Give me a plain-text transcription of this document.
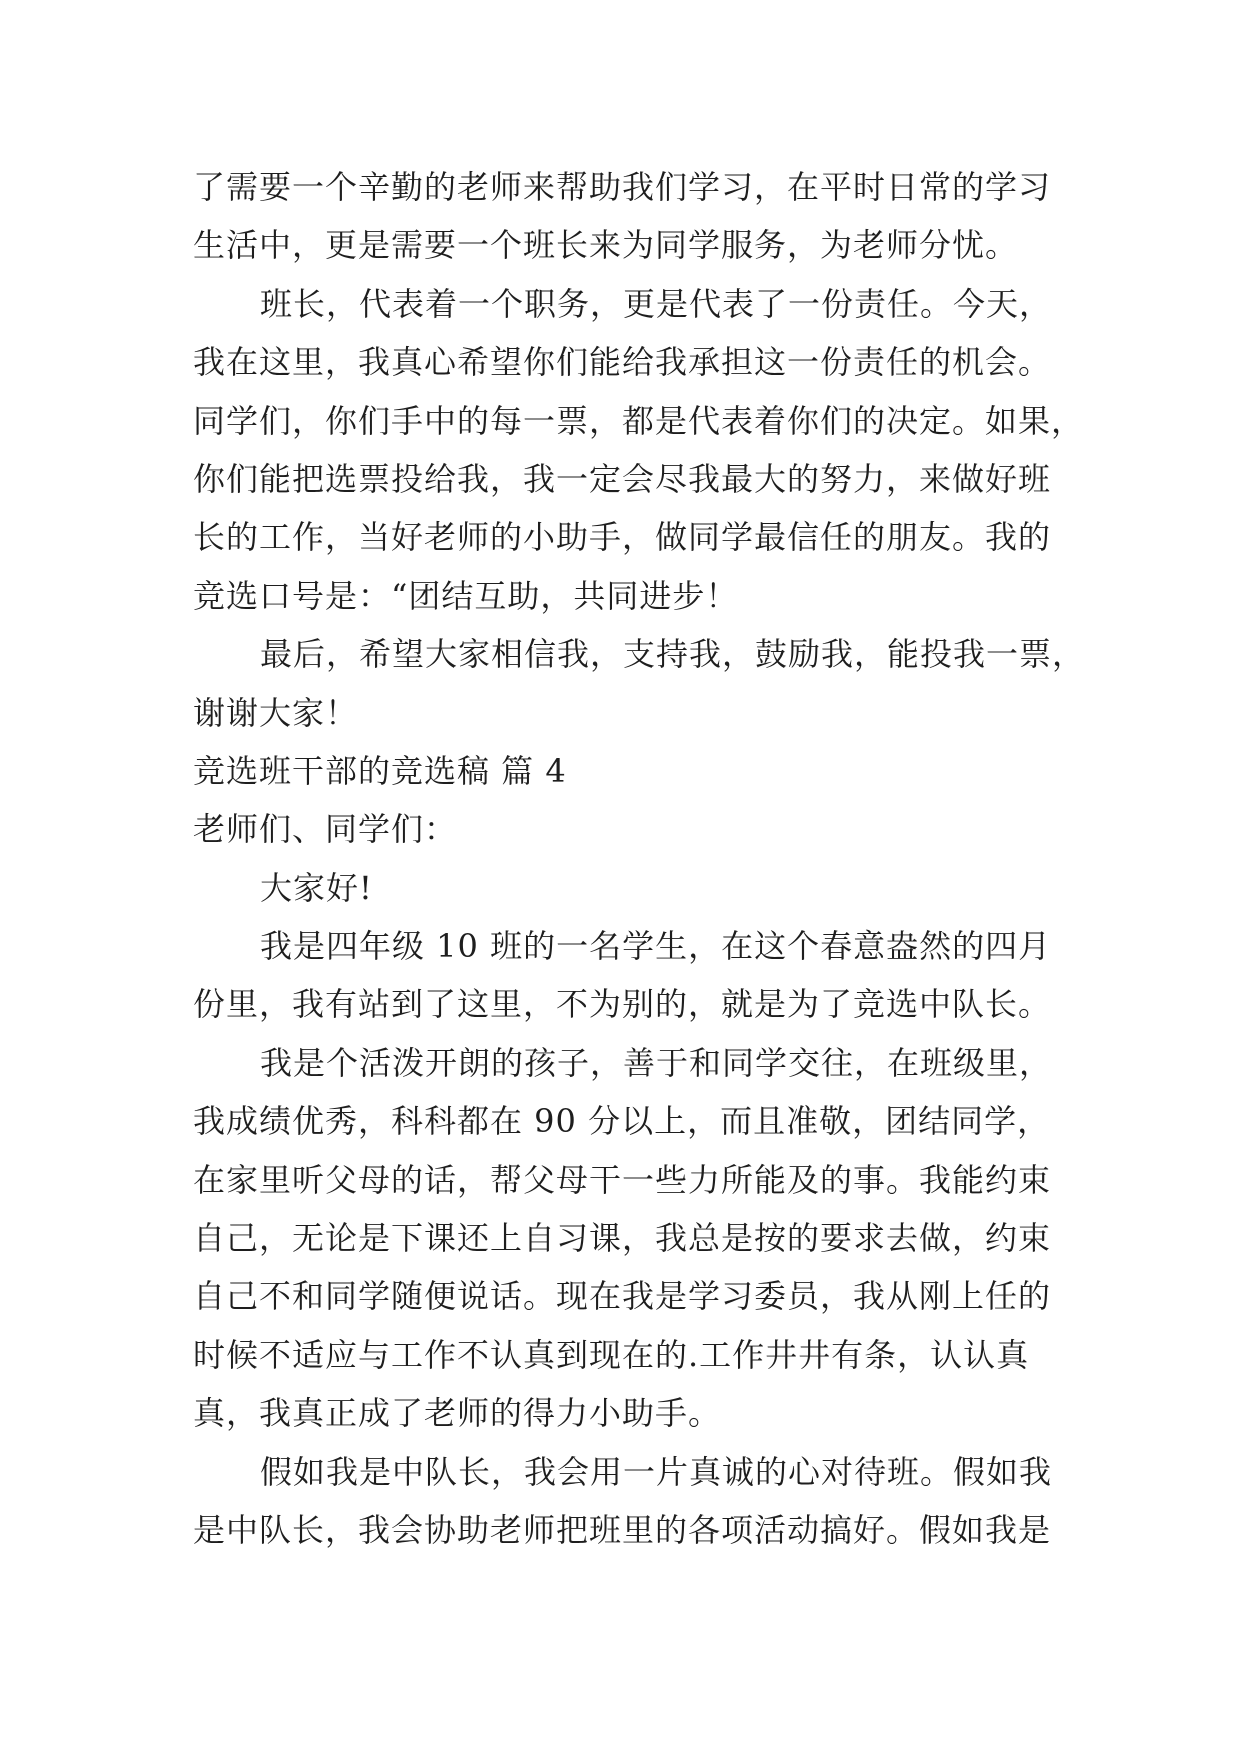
了需要一个辛勤的老师来帮助我们学习，在平时日常的学习
生活中，更是需要一个班长来为同学服务，为老师分忧。
班长，代表着一个职务，更是代表了一份责任。今天，
我在这里，我真心希望你们能给我承担这一份责任的机会。
同学们，你们手中的每一票，都是代表着你们的决定。如果，
你们能把选票投给我，我一定会尽我最大的努力，来做好班
长的工作，当好老师的小助手，做同学最信任的朋友。我的
竞选口号是：“团结互助，共同进步！
最后，希望大家相信我，支持我，鼓励我，能投我一票，
谢谢大家！
竞选班干部的竞选稿 篇 4
老师们、同学们：
大家好!
我是四年级 10 班的一名学生，在这个春意盎然的四月
份里，我有站到了这里，不为别的，就是为了竞选中队长。
我是个活泼开朗的孩子，善于和同学交往，在班级里，
我成绩优秀，科科都在 90 分以上，而且准敬，团结同学，
在家里听父母的话，帮父母干一些力所能及的事。我能约束
自己，无论是下课还上自习课，我总是按的要求去做，约束
自己不和同学随便说话。现在我是学习委员，我从刚上任的
时候不适应与工作不认真到现在的.工作井井有条，认认真
真，我真正成了老师的得力小助手。
假如我是中队长，我会用一片真诚的心对待班。假如我
是中队长，我会协助老师把班里的各项活动搞好。假如我是
